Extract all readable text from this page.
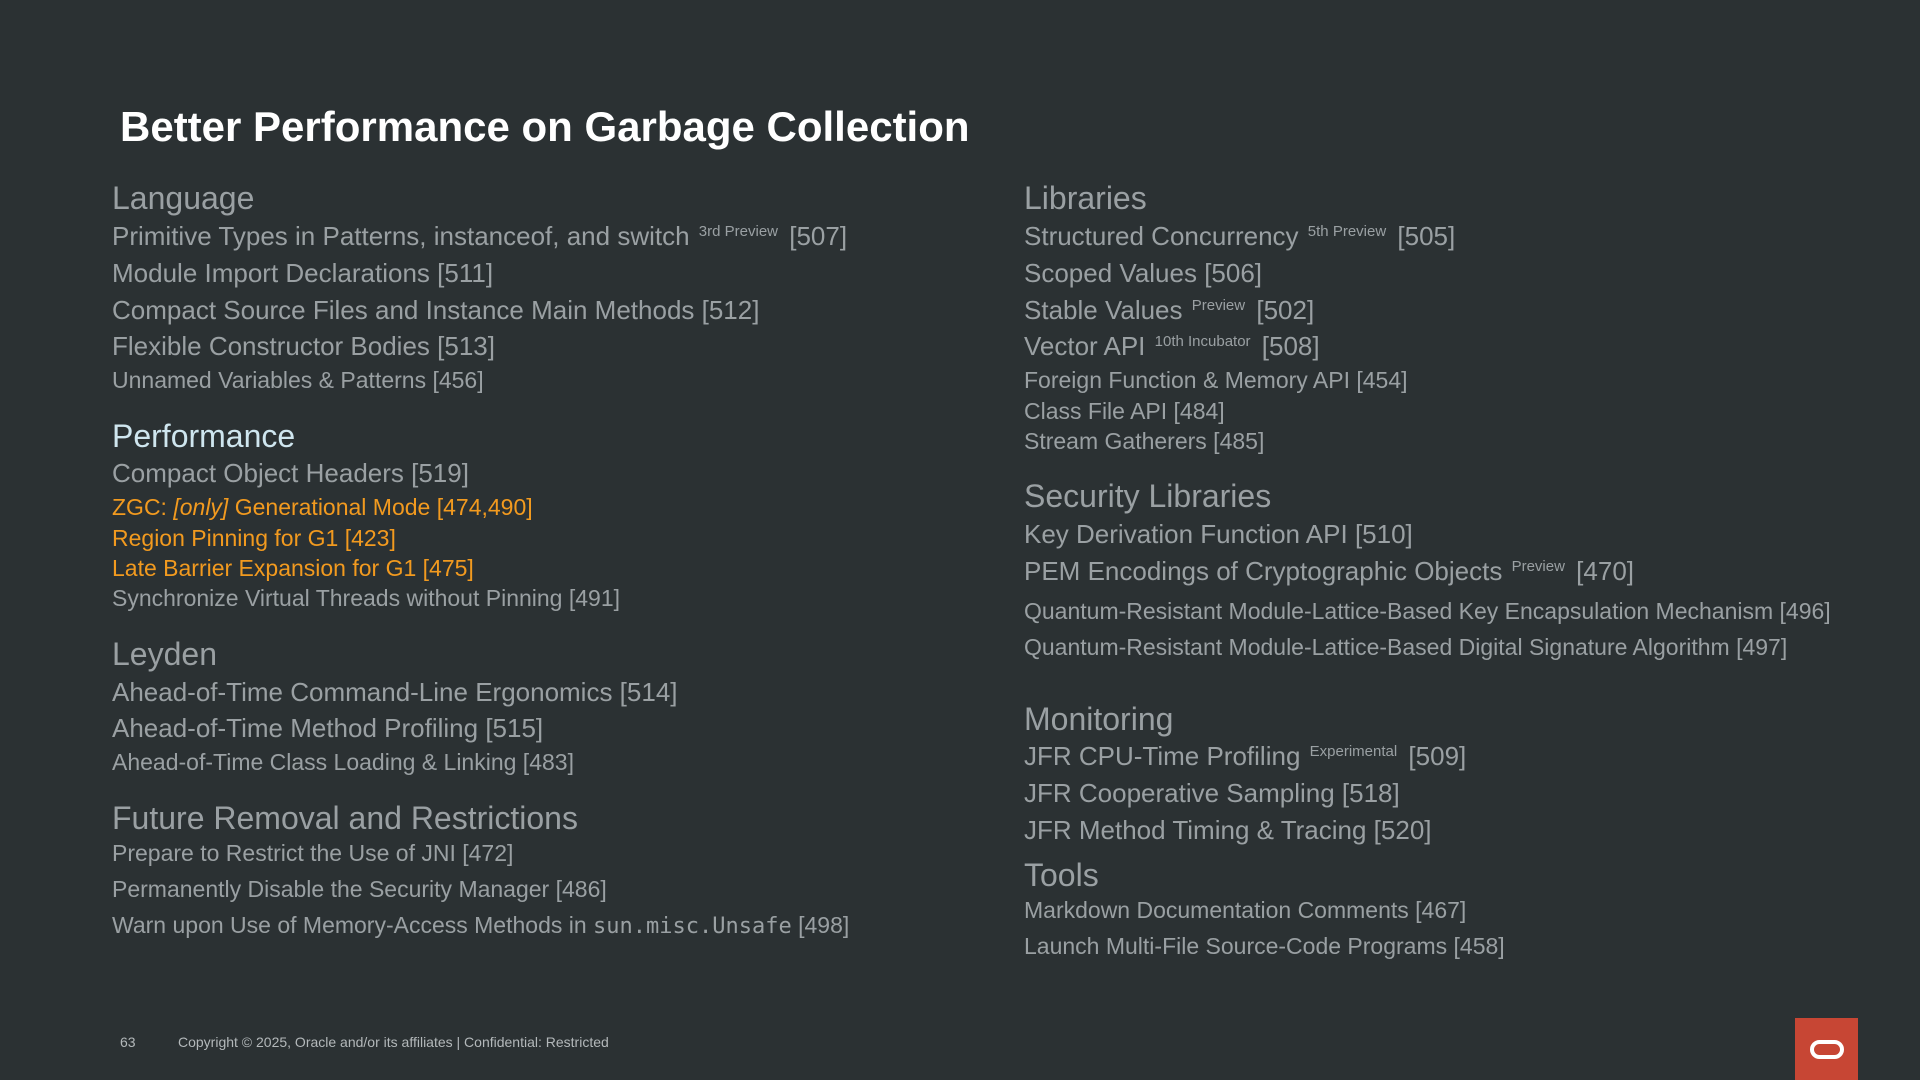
Better Performance on Garbage Collection
Language
Primitive Types in Patterns, instanceof, and switch $^{3rd Preview}$ [507]
Module Import Declarations [511]
Compact Source Files and Instance Main Methods [512]
Flexible Constructor Bodies [513]
Unnamed Variables & Patterns [456]
Performance
Compact Object Headers [519]
ZGC: [only] Generational Mode [474,490]
Region Pinning for G1 [423]
Late Barrier Expansion for G1 [475]
Synchronize Virtual Threads without Pinning [491]
Leyden
Ahead-of-Time Command-Line Ergonomics [514]
Ahead-of-Time Method Profiling [515]
Ahead-of-Time Class Loading & Linking [483]
Future Removal and Restrictions
Prepare to Restrict the Use of JNI [472]
Permanently Disable the Security Manager [486]
Warn upon Use of Memory-Access Methods in sun.misc.Unsafe [498]
Libraries
Structured Concurrency $^{5th Preview}$ [505]
Scoped Values [506]
Stable Values $^{Preview}$ [502]
Vector API $^{10th Incubator}$ [508]
Foreign Function & Memory API [454]
Class File API [484]
Stream Gatherers [485]
Security Libraries
Key Derivation Function API [510]
PEM Encodings of Cryptographic Objects $^{Preview}$ [470]
Quantum-Resistant Module-Lattice-Based Key Encapsulation Mechanism [496]
Quantum-Resistant Module-Lattice-Based Digital Signature Algorithm [497]
Monitoring
JFR CPU-Time Profiling $^{Experimental}$ [509]
JFR Cooperative Sampling [518]
JFR Method Timing & Tracing [520]
Tools
Markdown Documentation Comments [467]
Launch Multi-File Source-Code Programs [458]
63	Copyright © 2025, Oracle and/or its affiliates | Confidential: Restricted
